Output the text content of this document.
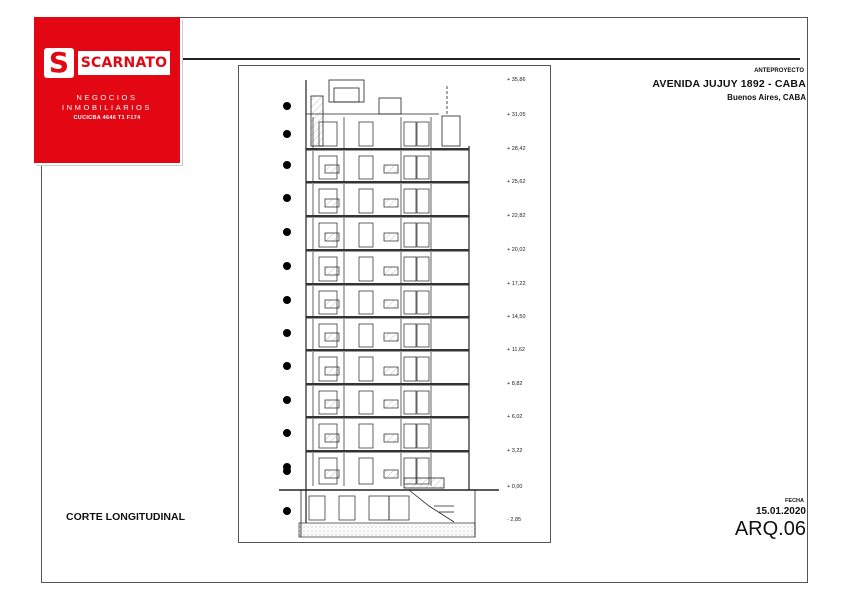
S SCARNATO
NEGOCIOS
INMOBILIARIOS
CUCICBA 4646 T1 F174
ANTEPROYECTO
AVENIDA JUJUY 1892 - CABA
Buenos Aires, CABA
+ 35,86
+ 31,05
+ 28,42
+ 25,62
+ 22,82
+ 20,02
+ 17,22
+ 14,50
+ 11,62
+ 8,82
+ 6,02
+ 3,22
+ 0,00
- 2,85
CORTE LONGITUDINAL
FECHA
15.01.2020
ARQ.06
